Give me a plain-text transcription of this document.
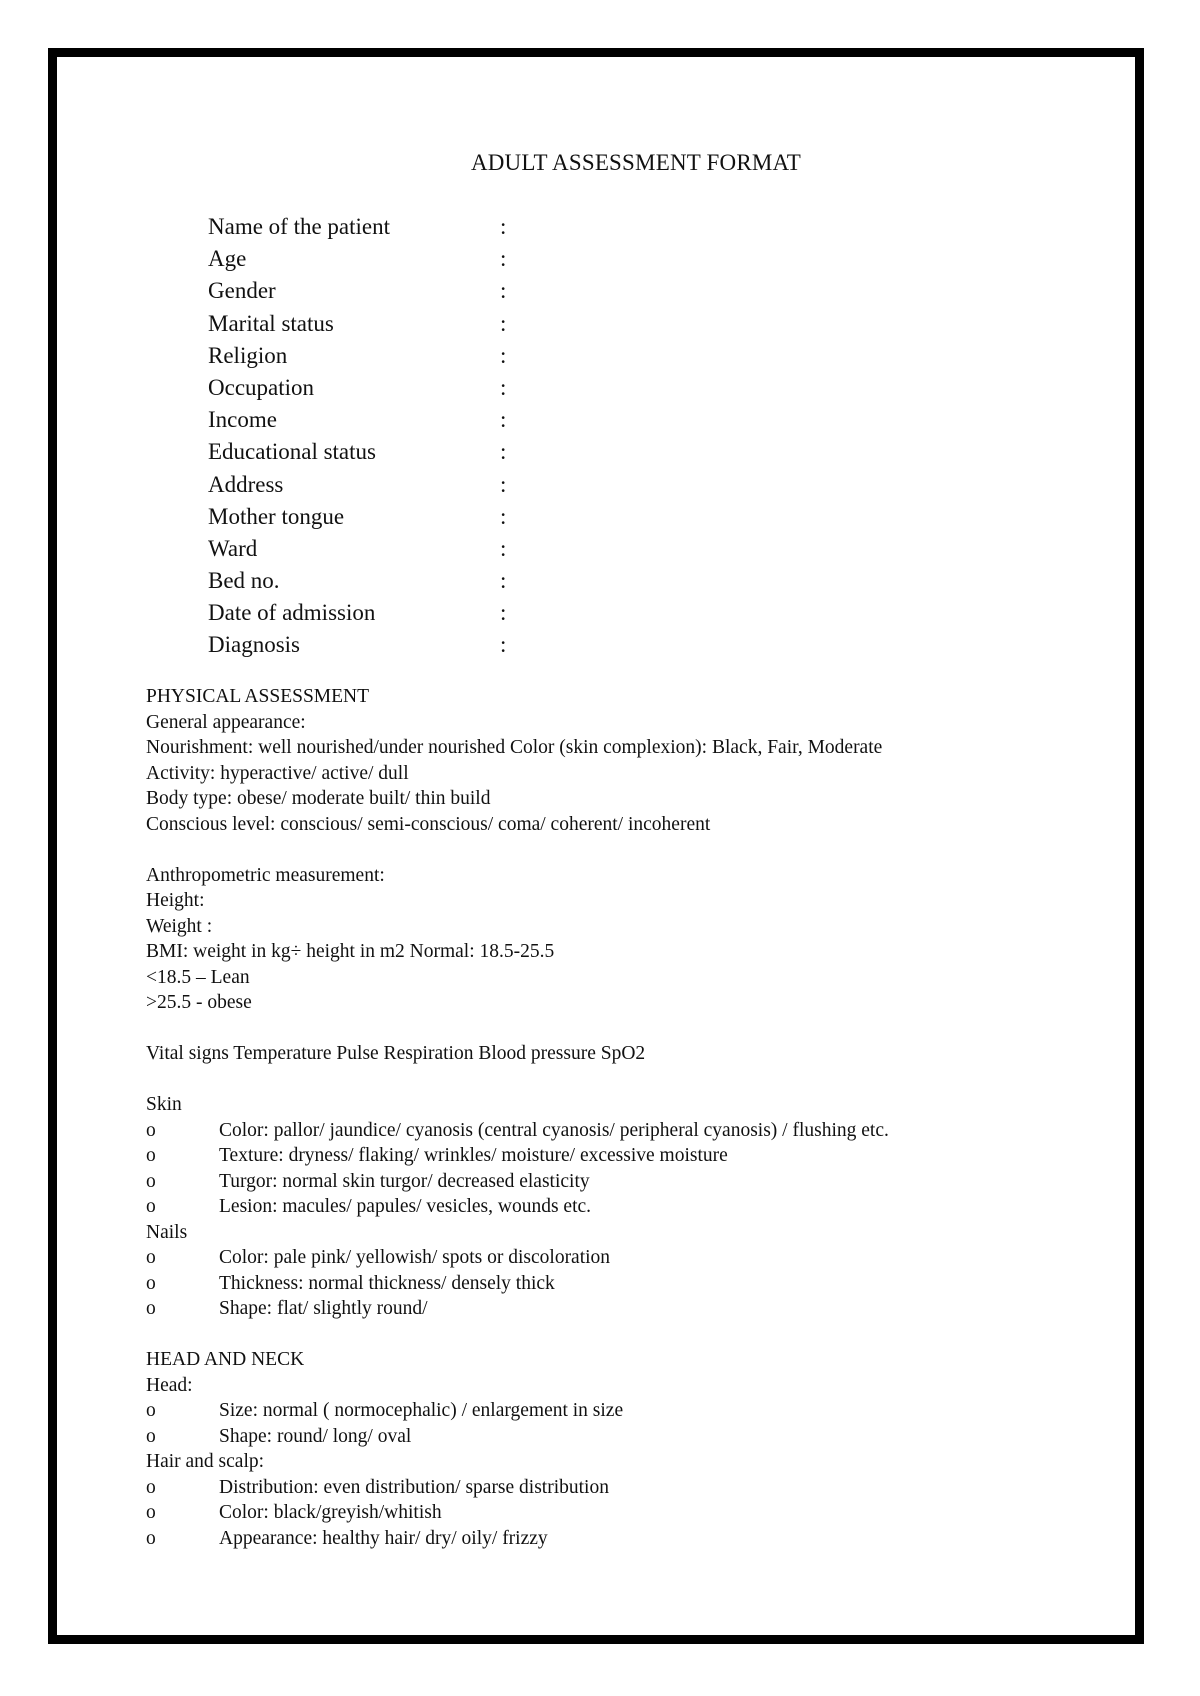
ADULT ASSESSMENT FORMAT
Name of the patient	:
Age	:
Gender	:
Marital status	:
Religion	:
Occupation	:
Income	:
Educational status	:
Address	:
Mother tongue	:
Ward	:
Bed no.	:
Date of admission	:
Diagnosis	:
PHYSICAL ASSESSMENT
General appearance:
Nourishment: well nourished/under nourished Color (skin complexion): Black, Fair, Moderate
Activity: hyperactive/ active/ dull
Body type: obese/ moderate built/ thin build
Conscious level: conscious/ semi-conscious/ coma/ coherent/ incoherent
Anthropometric measurement:
Height:
Weight :
BMI: weight in kg÷ height in m2 Normal: 18.5-25.5
<18.5 – Lean
>25.5 - obese
Vital signs Temperature Pulse Respiration Blood pressure SpO2
Skin
o	Color: pallor/ jaundice/ cyanosis (central cyanosis/ peripheral cyanosis) / flushing etc.
o	Texture: dryness/ flaking/ wrinkles/ moisture/ excessive moisture
o	Turgor: normal skin turgor/ decreased elasticity
o	Lesion: macules/ papules/ vesicles, wounds etc.
Nails
o	Color: pale pink/ yellowish/ spots or discoloration
o	Thickness: normal thickness/ densely thick
o	Shape: flat/ slightly round/
HEAD AND NECK
Head:
o	Size: normal ( normocephalic) / enlargement in size
o	Shape: round/ long/ oval
Hair and scalp:
o	Distribution: even distribution/ sparse distribution
o	Color: black/greyish/whitish
o	Appearance: healthy hair/ dry/ oily/ frizzy
